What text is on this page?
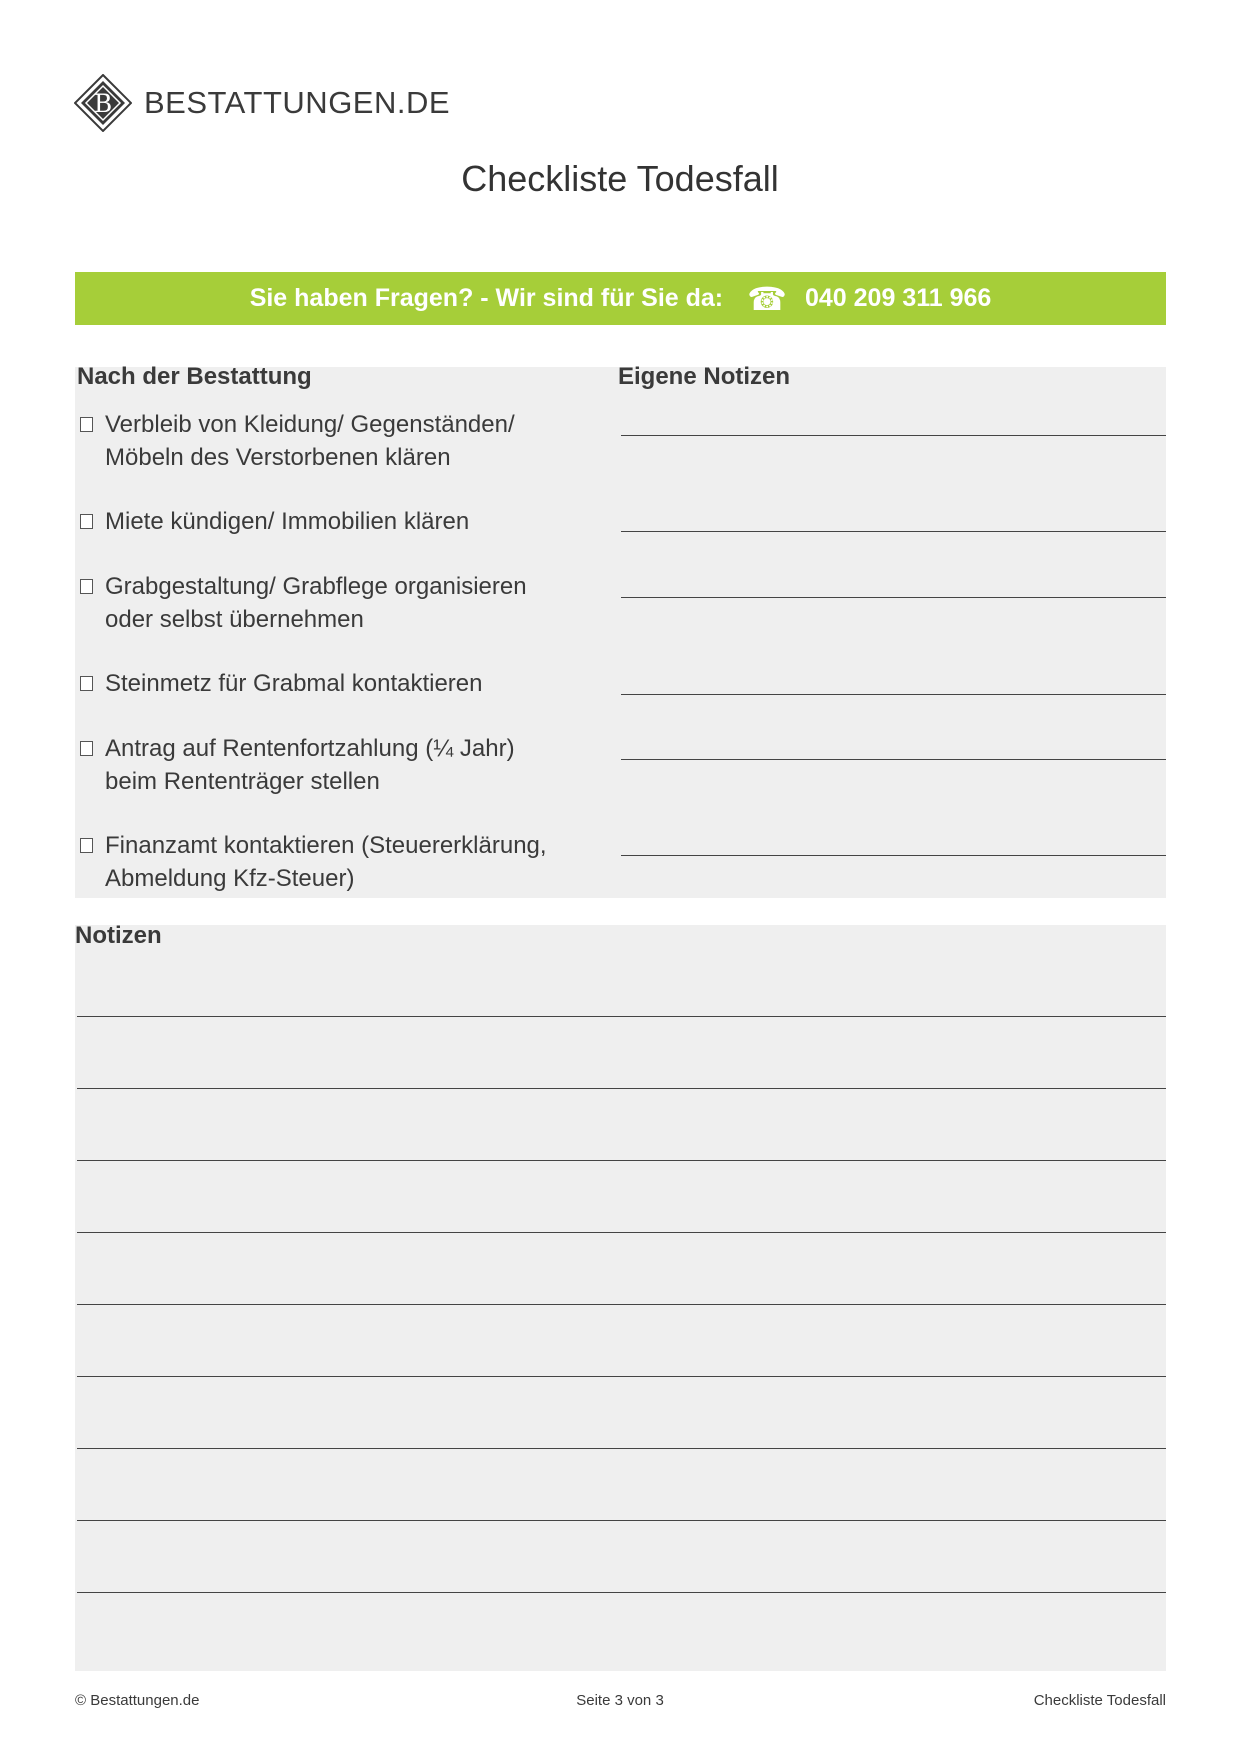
B BESTATTUNGEN.DE
Checkliste Todesfall
Sie haben Fragen? - Wir sind für Sie da: ☎ 040 209 311 966
Nach der Bestattung	Eigene Notizen
Verbleib von Kleidung/ Gegenständen/
Möbeln des Verstorbenen klären
Miete kündigen/ Immobilien klären
Grabgestaltung/ Grabflege organisieren
oder selbst übernehmen
Steinmetz für Grabmal kontaktieren
Antrag auf Rentenfortzahlung (¼ Jahr)
beim Rententräger stellen
Finanzamt kontaktieren (Steuererklärung,
Abmeldung Kfz-Steuer)
Notizen
© Bestattungen.de	Seite 3 von 3	Checkliste Todesfall
